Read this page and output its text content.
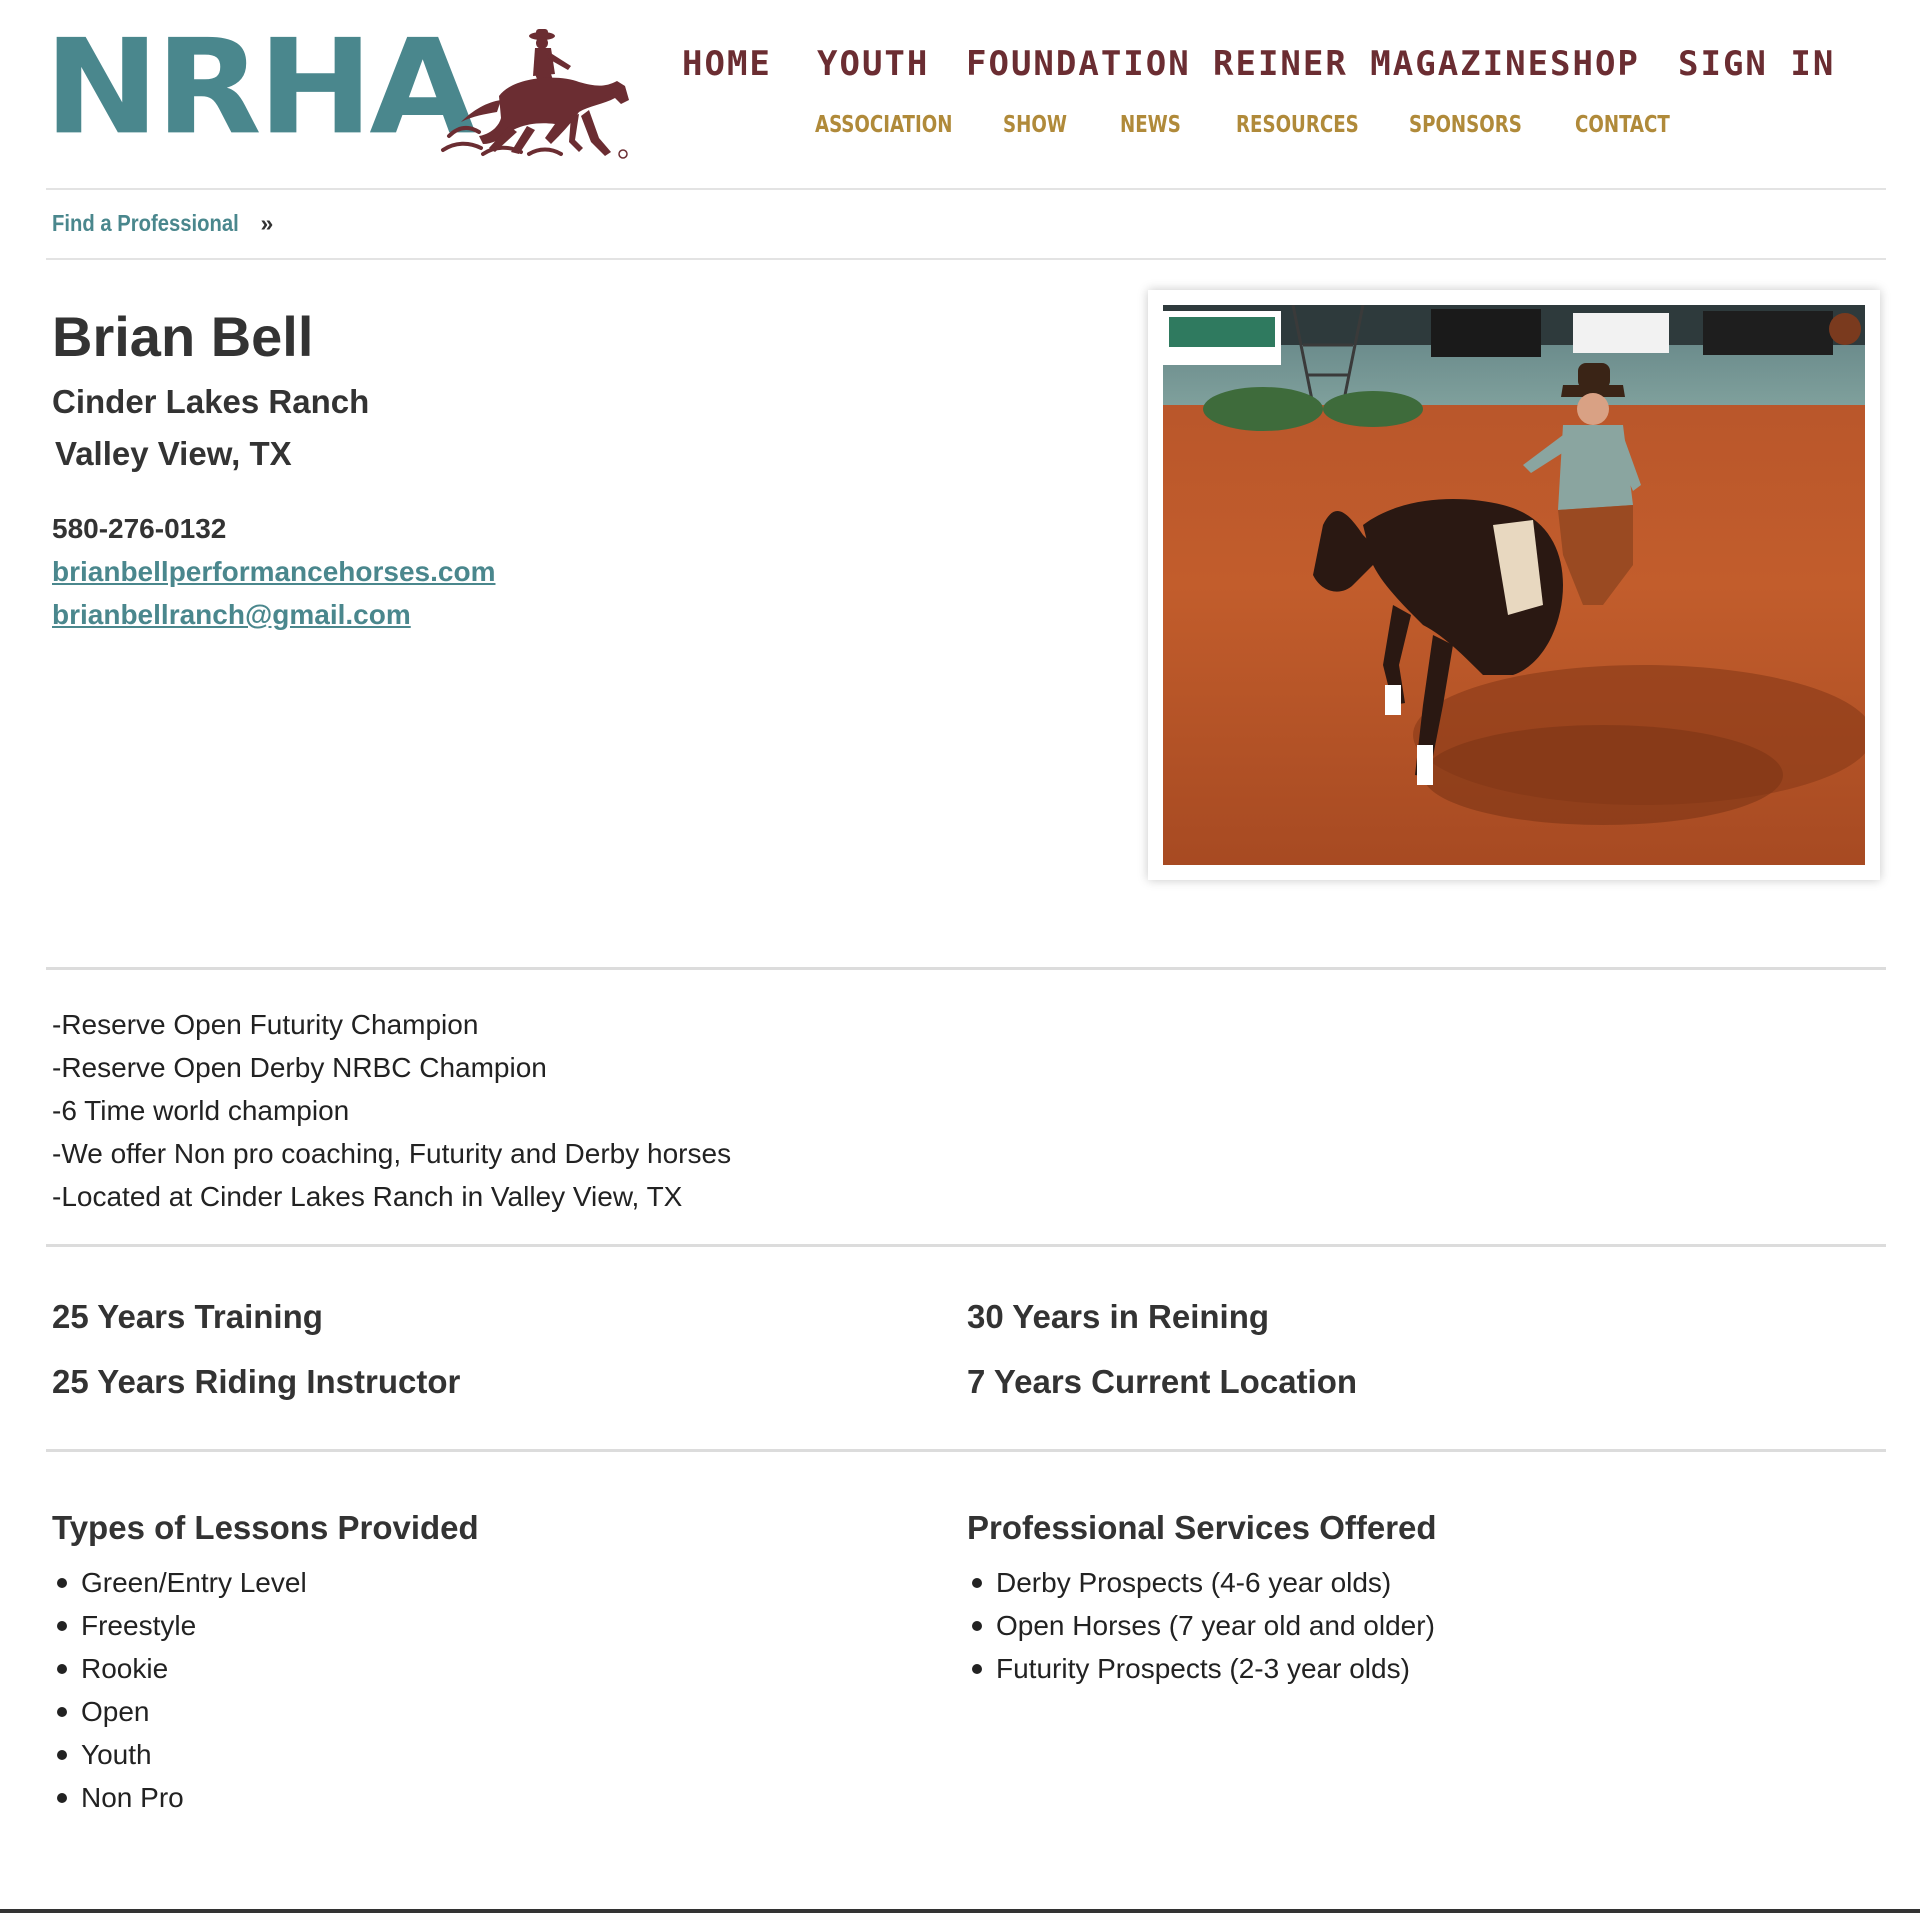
NRHA	HOME YOUTH FOUNDATION REINER MAGAZINE SHOP SIGN IN
ASSOCIATION SHOW NEWS RESOURCES SPONSORS CONTACT
Find a Professional »
Brian Bell
Cinder Lakes Ranch
Valley View, TX
580-276-0132
brianbellperformancehorses.com
brianbellranch@gmail.com
-Reserve Open Futurity Champion
-Reserve Open Derby NRBC Champion
-6 Time world champion
-We offer Non pro coaching, Futurity and Derby horses
-Located at Cinder Lakes Ranch in Valley View, TX
25 Years Training	30 Years in Reining
25 Years Riding Instructor	7 Years Current Location
Types of Lessons Provided
Green/Entry Level
Freestyle
Rookie
Open
Youth
Non Pro
Professional Services Offered
Derby Prospects (4-6 year olds)
Open Horses (7 year old and older)
Futurity Prospects (2-3 year olds)
